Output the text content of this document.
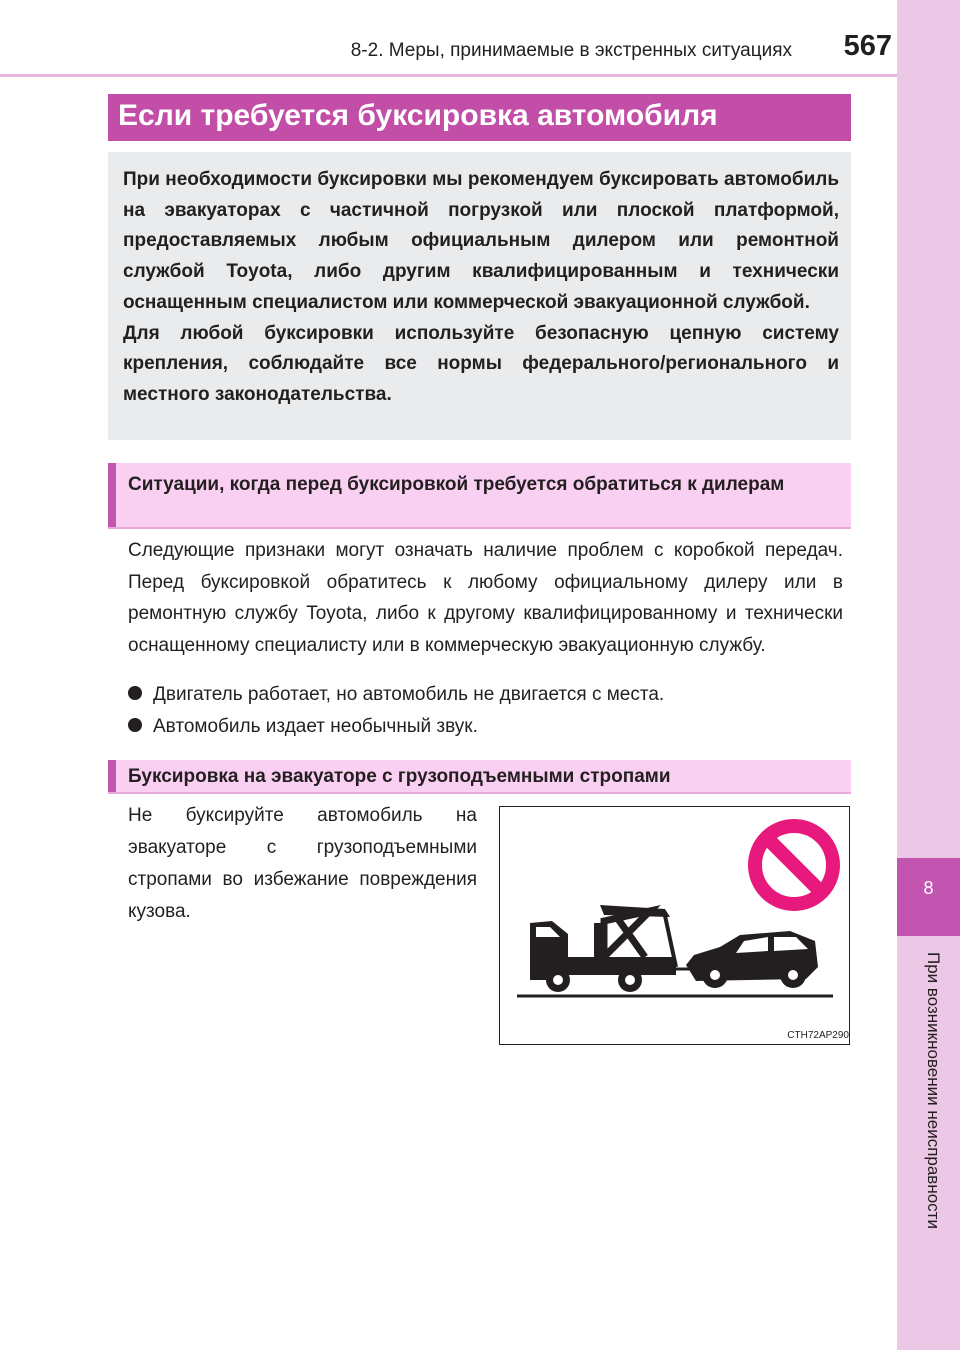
8-2. Меры, принимаемые в экстренных ситуациях	567
8
При возникновении неисправности
Если требуется буксировка автомобиля

При необходимости буксировки мы рекомендуем буксировать автомобиль на эвакуаторах с частичной погрузкой или плоской платформой, предоставляемых любым официальным дилером или ремонтной службой Toyota, либо другим квалифицированным и технически оснащенным специалистом или коммерческой эвакуационной службой.

Для любой буксировки используйте безопасную цепную систему крепления, соблюдайте все нормы федерального/регионального и местного законодательства.

Ситуации, когда перед буксировкой требуется обратиться к дилерам
Следующие признаки могут означать наличие проблем с коробкой передач. Перед буксировкой обратитесь к любому официальному дилеру или в ремонтную службу Toyota, либо к другому квалифицированному и технически оснащенному специалисту или в коммерческую эвакуационную службу.
Двигатель работает, но автомобиль не двигается с места.
Автомобиль издает необычный звук.
Буксировка на эвакуаторе с грузоподъемными стропами
Не буксируйте автомобиль на эвакуаторе с грузоподъемными стропами во избежание повреждения кузова.
CTH72AP290
